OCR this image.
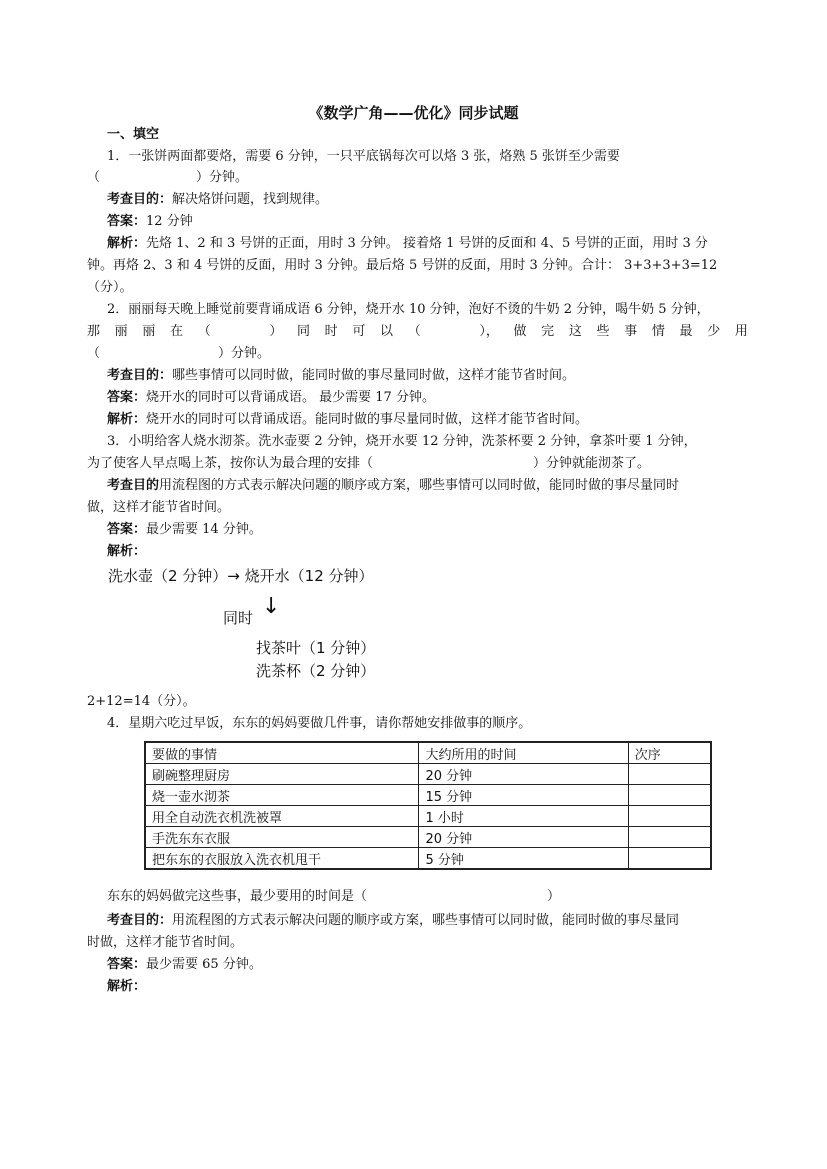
《数学广角——优化》同步试题
一、填空
1．一张饼两面都要烙，需要 6 分钟，一只平底锅每次可以烙 3 张，烙熟 5 张饼至少需要
（	）分钟。
考查目的：解决烙饼问题，找到规律。
答案：12 分钟
解析：先烙 1、2 和 3 号饼的正面，用时 3 分钟。 接着烙 1 号饼的反面和 4、5 号饼的正面，用时 3 分
钟。再烙 2、3 和 4 号饼的反面，用时 3 分钟。最后烙 5 号饼的反面，用时 3 分钟。合计： 3+3+3+3=12
（分）。
2．丽丽每天晚上睡觉前要背诵成语 6 分钟，烧开水 10 分钟，泡好不烫的牛奶 2 分钟，喝牛奶 5 分钟，
那 丽 丽 在 （	） 同 时 可 以 （	）， 做 完 这 些 事 情 最 少 用
（	）分钟。
考查目的：哪些事情可以同时做，能同时做的事尽量同时做，这样才能节省时间。
答案：烧开水的同时可以背诵成语。 最少需要 17 分钟。
解析：烧开水的同时可以背诵成语。能同时做的事尽量同时做，这样才能节省时间。
3．小明给客人烧水沏茶。洗水壶要 2 分钟，烧开水要 12 分钟，洗茶杯要 2 分钟，拿茶叶要 1 分钟，
为了使客人早点喝上茶，按你认为最合理的安排（	）分钟就能沏茶了。
考查目的用流程图的方式表示解决问题的顺序或方案，哪些事情可以同时做，能同时做的事尽量同时
做，这样才能节省时间。
答案：最少需要 14 分钟。
解析：
洗水壶（2 分钟）→ 烧开水（12 分钟）
↓
同时
找茶叶（1 分钟）
洗茶杯（2 分钟）
2+12=14（分）。
4．星期六吃过早饭，东东的妈妈要做几件事，请你帮她安排做事的顺序。
要做的事情	大约所用的时间	次序
刷碗整理厨房	20 分钟	
烧一壶水沏茶	15 分钟	
用全自动洗衣机洗被罩	1 小时	
手洗东东衣服	20 分钟	
把东东的衣服放入洗衣机甩干	5 分钟	
东东的妈妈做完这些事，最少要用的时间是（	）
考查目的：用流程图的方式表示解决问题的顺序或方案，哪些事情可以同时做，能同时做的事尽量同
时做，这样才能节省时间。
答案：最少需要 65 分钟。
解析：
